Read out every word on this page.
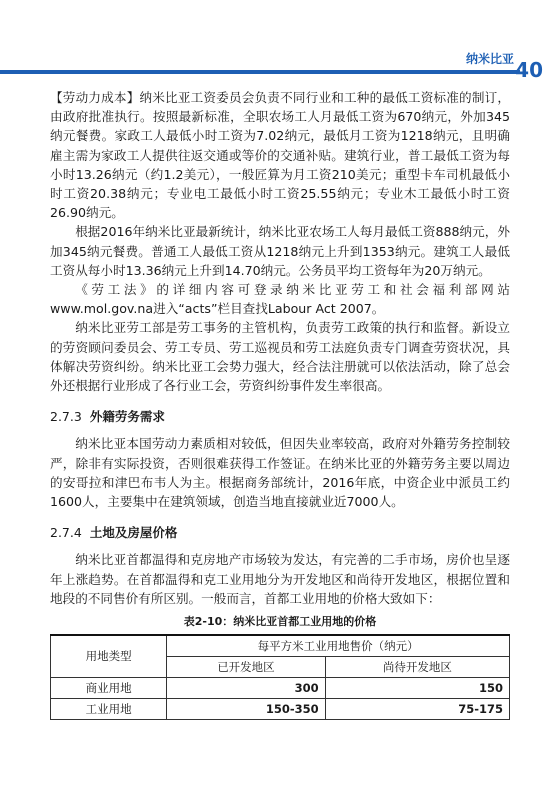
纳米比亚 40

【劳动力成本】纳米比亚工资委员会负责不同行业和工种的最低工资标准的制订，由政府批准执行。按照最新标准，全职农场工人月最低工资为670纳元，外加345纳元餐费。家政工人最低小时工资为7.02纳元，最低月工资为1218纳元，且明确雇主需为家政工人提供往返交通或等价的交通补贴。建筑行业，普工最低工资为每小时13.26纳元（约1.2美元），一般匠算为月工资210美元；重型卡车司机最低小时工资20.38纳元；专业电工最低小时工资25.55纳元；专业木工最低小时工资26.90纳元。

根据2016年纳米比亚最新统计，纳米比亚农场工人每月最低工资888纳元，外加345纳元餐费。普通工人最低工资从1218纳元上升到1353纳元。建筑工人最低工资从每小时13.36纳元上升到14.70纳元。公务员平均工资每年为20万纳元。

《劳工法》的详细内容可登录纳米比亚劳工和社会福利部网站www.mol.gov.na进入“acts”栏目查找Labour Act 2007。

纳米比亚劳工部是劳工事务的主管机构，负责劳工政策的执行和监督。新设立的劳资顾问委员会、劳工专员、劳工巡视员和劳工法庭负责专门调查劳资状况，具体解决劳资纠纷。纳米比亚工会势力强大，经合法注册就可以依法活动，除了总会外还根据行业形成了各行业工会，劳资纠纷事件发生率很高。

2.7.3 外籍劳务需求

纳米比亚本国劳动力素质相对较低，但因失业率较高，政府对外籍劳务控制较严，除非有实际投资，否则很难获得工作签证。在纳米比亚的外籍劳务主要以周边的安哥拉和津巴布韦人为主。根据商务部统计，2016年底，中资企业中派员工约1600人，主要集中在建筑领域，创造当地直接就业近7000人。

2.7.4 土地及房屋价格

纳米比亚首都温得和克房地产市场较为发达，有完善的二手市场，房价也呈逐年上涨趋势。在首都温得和克工业用地分为开发地区和尚待开发地区，根据位置和地段的不同售价有所区别。一般而言，首都工业用地的价格大致如下：

表2-10：纳米比亚首都工业用地的价格
用地类型	每平方米工业用地售价（纳元）	
	已开发地区	尚待开发地区
商业用地	300	150
工业用地	150-350	75-175
